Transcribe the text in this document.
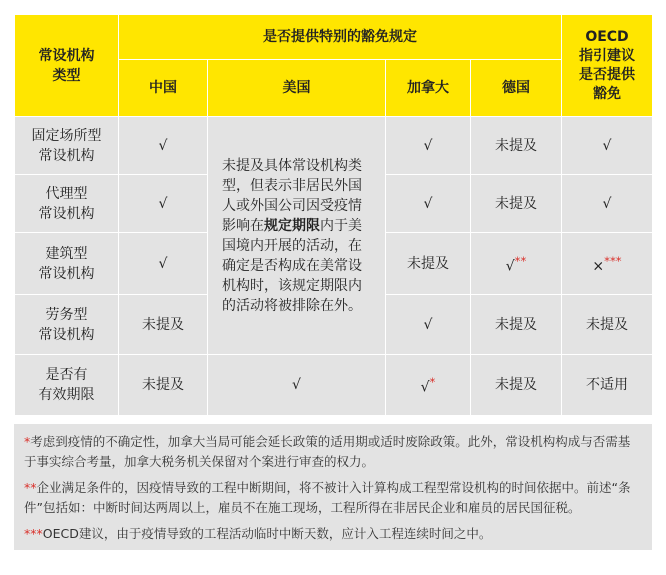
常设机构
类型	是否提供特别的豁免规定				OECD
指引建议
是否提供
豁免
	中国	美国	加拿大	德国	
固定场所型
常设机构	√	未提及具体常设机构类型，但表示非居民外国人或外国公司因受疫情影响在规定期限内于美国境内开展的活动，在确定是否构成在美常设机构时，该规定期限内的活动将被排除在外。	√	未提及	√
代理型
常设机构	√		√	未提及	√
建筑型
常设机构	√		未提及	√**	×***
劳务型
常设机构	未提及		√	未提及	未提及
是否有
有效期限	未提及	√	√*	未提及	不适用
*考虑到疫情的不确定性，加拿大当局可能会延长政策的适用期或适时废除政策。此外，常设机构构成与否需基于事实综合考量，加拿大税务机关保留对个案进行审查的权力。
**企业满足条件的，因疫情导致的工程中断期间，将不被计入计算构成工程型常设机构的时间依据中。前述“条件”包括如：中断时间达两周以上，雇员不在施工现场，工程所得在非居民企业和雇员的居民国征税。
***OECD建议，由于疫情导致的工程活动临时中断天数，应计入工程连续时间之中。
